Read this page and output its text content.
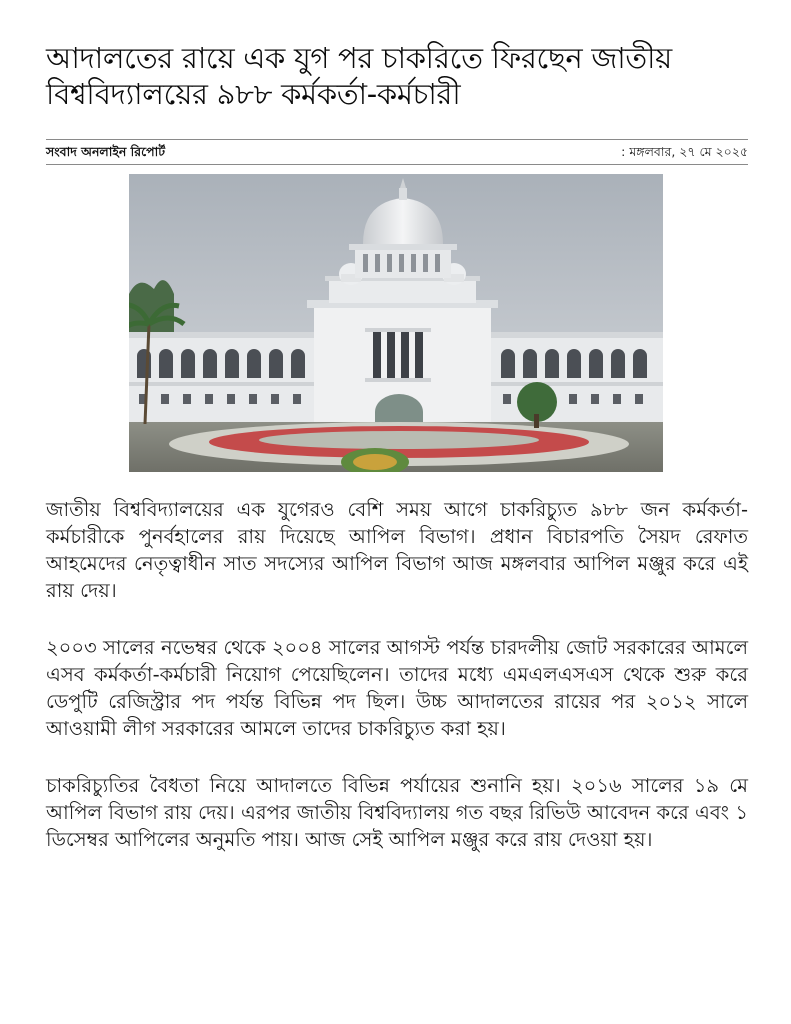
আদালতের রায়ে এক যুগ পর চাকরিতে ফিরছেন জাতীয় বিশ্ববিদ্যালয়ের ৯৮৮ কর্মকর্তা-কর্মচারী
সংবাদ অনলাইন রিপোর্ট	: মঙ্গলবার, ২৭ মে ২০২৫

জাতীয় বিশ্ববিদ্যালয়ের এক যুগেরও বেশি সময় আগে চাকরিচ্যুত ৯৮৮ জন কর্মকর্তা-কর্মচারীকে পুনর্বহালের রায় দিয়েছে আপিল বিভাগ। প্রধান বিচারপতি সৈয়দ রেফাত আহমেদের নেতৃত্বাধীন সাত সদস্যের আপিল বিভাগ আজ মঙ্গলবার আপিল মঞ্জুর করে এই রায় দেয়।

২০০৩ সালের নভেম্বর থেকে ২০০৪ সালের আগস্ট পর্যন্ত চারদলীয় জোট সরকারের আমলে এসব কর্মকর্তা-কর্মচারী নিয়োগ পেয়েছিলেন। তাদের মধ্যে এমএলএসএস থেকে শুরু করে ডেপুটি রেজিস্ট্রার পদ পর্যন্ত বিভিন্ন পদ ছিল। উচ্চ আদালতের রায়ের পর ২০১২ সালে আওয়ামী লীগ সরকারের আমলে তাদের চাকরিচ্যুত করা হয়।

চাকরিচ্যুতির বৈধতা নিয়ে আদালতে বিভিন্ন পর্যায়ের শুনানি হয়। ২০১৬ সালের ১৯ মে আপিল বিভাগ রায় দেয়। এরপর জাতীয় বিশ্ববিদ্যালয় গত বছর রিভিউ আবেদন করে এবং ১ ডিসেম্বর আপিলের অনুমতি পায়। আজ সেই আপিল মঞ্জুর করে রায় দেওয়া হয়।
